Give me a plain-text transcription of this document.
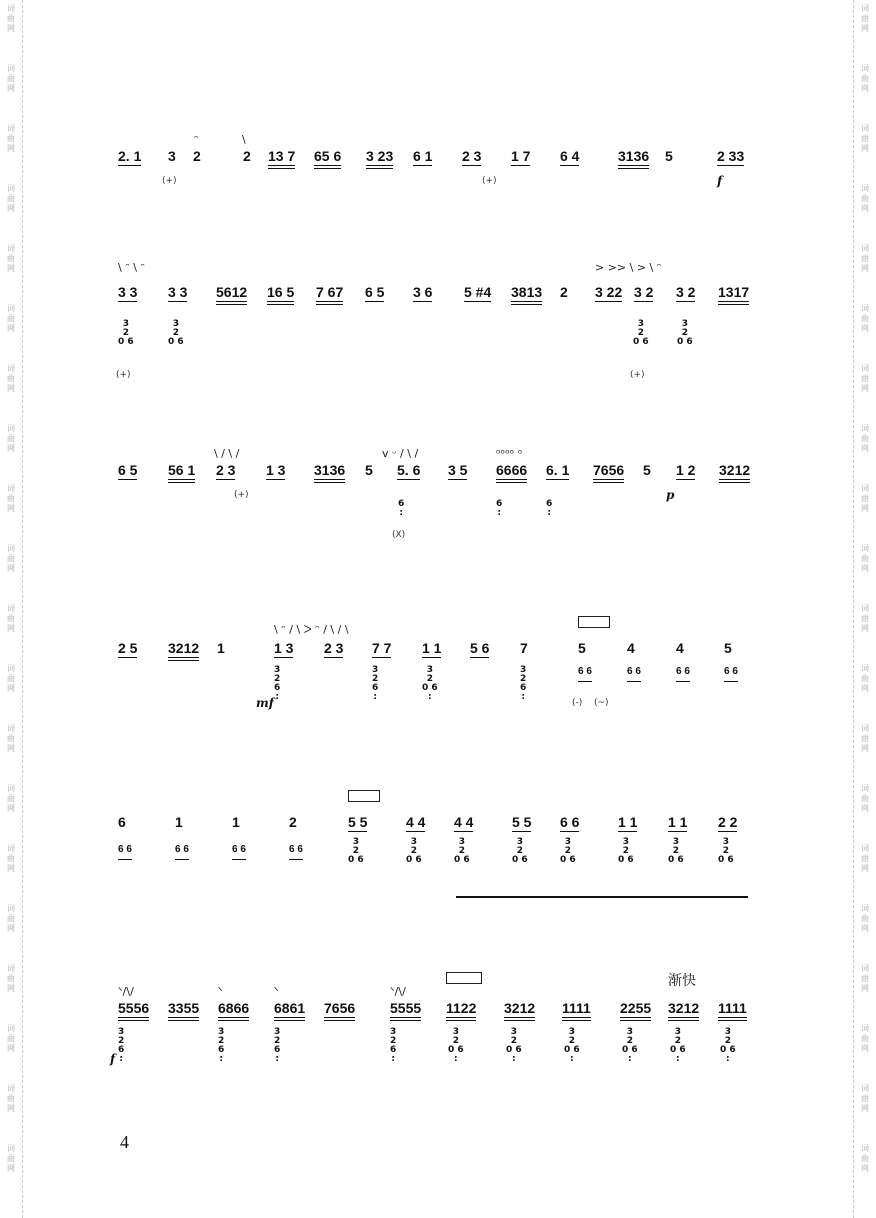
2. 1 3 2
ᵔ
2
\
13 7 65 6 3 23 6 1 2 3 1 7 6 4	3136 5	2 33
(+)	(+)	f
\ ᵔ \ ᵔ
3 3 3 3 5612 16 5 7 67 6 5 3 6 5 #4 3813 2
> >> \ > \ ᵔ
3 22 3 2 3 2 1317
3
2
0 6
3
2
0 6
3
2
0 6
3
2
0 6
(+)	(+)
6 5 56 1
\ / \ /
2 3 1 3 3136 5
v ᵕ / \ /
5. 6 3 5
ᵒᵒᵒᵒ ᵒ
6666 6. 1 7656 5 1 2 3212
(+)
(X)
p
6
:
6
:
6
:
2 5 3212 1
\ ᵔ / \ ᐳ ᵔ / \ / \
1 3 2 3 7 7 1 1 5 6 7	5	4	4	5
3
2
6
:
3
2
6
:
3
2
0 6
:
3
2
6
:
6 6	6 6	6 6	6 6
(-) (~)
mf
6	1	1	2	5 5	4 4 4 4	5 5 6 6	1 1 1 1 2 2
6 6	6 6	6 6	6 6
3
2
0 6
3
2
0 6
3
2
0 6
3
2
0 6
3
2
0 6
3
2
0 6
3
2
0 6
3
2
0 6
ᐠ/\/
5556 3355
ᐠ
6866
ᐠ
6861 7656
ᐠ/\/
5555 1122 3212 1111 2255 3212 1111
3
2
6
:
3
2
6
:
3
2
6
:
3
2
6
:
3
2
0 6
:
3
2
0 6
:
3
2
0 6
:
3
2
0 6
:
3
2
0 6
:
3
2
0 6
:
f
渐快
4
词
曲
网
词
曲
网
词
曲
网
词
曲
网
词
曲
网
词
曲
网
词
曲
网
词
曲
网
词
曲
网
词
曲
网
词
曲
网
词
曲
网
词
曲
网
词
曲
网
词
曲
网
词
曲
网
词
曲
网
词
曲
网
词
曲
网
词
曲
网
词
曲
网
词
曲
网
词
曲
网
词
曲
网
词
曲
网
词
曲
网
词
曲
网
词
曲
网
词
曲
网
词
曲
网
词
曲
网
词
曲
网
词
曲
网
词
曲
网
词
曲
网
词
曲
网
词
曲
网
词
曲
网
词
曲
网
词
曲
网
